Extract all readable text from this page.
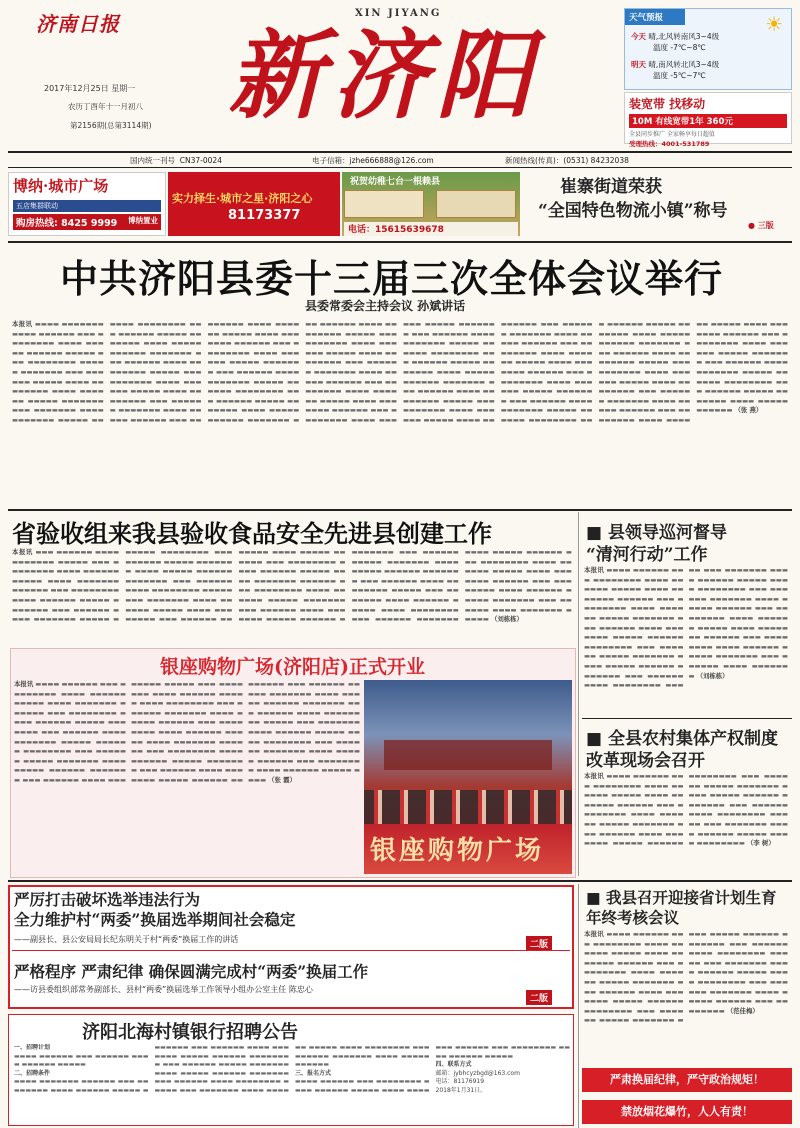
济南日报
2017年12月25日 星期一
农历丁酉年十一月初八
第2156期(总第3114期)
XIN JIYANG
新济阳
天气预报	☀
今天 晴,北风转南风3~4级
温度 -7℃~8℃
明天 晴,南风转北风3~4级
温度 -5℃~7℃
装宽带 找移动
10M 有线宽带1年 360元
全县同步推广 全家畅享每日超值
受理热线：4001-531789
国内统一刊号 CN37-0024	电子信箱：jzhe666888@126.com	新闻热线(传真)：(0531) 84232038
博纳·城市广场
五店集群联动
购房热线: 8425 9999 博纳置业
实力择生·城市之星·济阳之心
81173377
祝贺幼稚七台一根赖县
电话：15615639678
崔寨街道荣获
“全国特色物流小镇”称号
● 三版
中共济阳县委十三届三次全体会议举行
县委常委会主持会议 孙斌讲话
本报讯 ▬▬▬▬ ▬▬▬▬▬▬▬ ▬▬▬▬ ▬▬▬▬▬▬ ▬▬▬ ▬▬▬▬▬▬▬▬ ▬▬▬▬ ▬▬▬▬▬ ▬▬▬▬▬▬ ▬▬▬▬▬ ▬▬▬ ▬▬▬▬▬▬▬▬ ▬▬▬▬▬ ▬▬▬▬▬▬▬ ▬▬▬ ▬▬▬▬▬▬ ▬▬▬▬▬ ▬▬▬▬ ▬▬▬▬▬▬▬▬ ▬▬▬▬ ▬▬▬▬▬▬ ▬▬▬▬▬ ▬▬▬▬▬▬▬ ▬▬▬ ▬▬▬▬▬▬▬ ▬▬▬▬ ▬▬▬▬▬▬▬ ▬▬▬▬▬ ▬▬▬▬▬▬ ▬▬▬▬▬▬▬▬ ▬▬▬ ▬▬▬▬▬▬ ▬▬▬▬▬ ▬▬▬▬▬▬▬ ▬▬▬▬ ▬▬▬▬▬ ▬▬▬▬▬▬ ▬▬▬▬▬▬▬ ▬▬▬ ▬▬▬▬▬▬ ▬▬▬▬ ▬▬▬▬▬▬▬▬ ▬▬▬▬▬ ▬▬▬ ▬▬▬▬▬▬▬ ▬▬▬▬ ▬▬▬▬▬▬ ▬▬▬▬▬ ▬▬▬▬ ▬▬▬▬▬▬▬▬ ▬▬▬ ▬▬▬▬▬▬ ▬▬▬▬▬▬▬ ▬▬▬▬ ▬▬▬▬▬ ▬▬▬▬▬▬ ▬▬▬ ▬▬▬▬▬▬▬▬ ▬▬▬▬ ▬▬▬▬▬▬ ▬▬▬▬▬ ▬▬▬▬ ▬▬▬▬▬▬▬ ▬▬▬▬▬▬ ▬▬▬ ▬▬▬▬▬▬▬▬ ▬▬▬▬ ▬▬▬▬▬▬ ▬▬▬▬▬ ▬▬▬▬▬▬▬ ▬▬▬ ▬▬▬▬▬▬ ▬▬▬▬ ▬▬▬▬▬▬▬ ▬▬▬▬▬ ▬▬▬▬▬▬ ▬▬▬▬▬▬▬▬ ▬▬▬ ▬▬▬▬▬▬ ▬▬▬▬▬ ▬▬▬▬▬▬▬ ▬▬▬▬ ▬▬▬▬▬ ▬▬▬▬▬▬ ▬▬▬▬▬▬▬ ▬▬▬ ▬▬▬▬▬▬ ▬▬▬▬ ▬▬▬▬▬▬▬▬ ▬▬▬▬▬ ▬▬▬ ▬▬▬▬▬▬▬ ▬▬▬▬ ▬▬▬▬▬▬ ▬▬▬▬▬ ▬▬▬▬ ▬▬▬▬▬▬▬▬ ▬▬▬ ▬▬▬▬▬▬ ▬▬▬▬▬▬▬ ▬▬▬▬ ▬▬▬▬▬ ▬▬▬▬▬▬ ▬▬▬ ▬▬▬▬▬▬▬▬ ▬▬▬▬ ▬▬▬▬▬▬ ▬▬▬▬▬ ▬▬▬▬ ▬▬▬▬▬▬▬ ▬▬▬▬▬▬ ▬▬▬ ▬▬▬▬▬▬▬▬ ▬▬▬▬ ▬▬▬▬▬▬ ▬▬▬▬▬ ▬▬▬▬▬▬▬ ▬▬▬ ▬▬▬▬▬▬ ▬▬▬▬ ▬▬▬▬▬▬▬ ▬▬▬▬▬ ▬▬▬▬▬▬ ▬▬▬▬▬▬▬▬ ▬▬▬ ▬▬▬▬▬▬ ▬▬▬▬▬ ▬▬▬▬▬▬▬ ▬▬▬▬ ▬▬▬▬▬ ▬▬▬▬▬▬ ▬▬▬▬▬▬▬ ▬▬▬ ▬▬▬▬▬▬ ▬▬▬▬ ▬▬▬▬▬▬▬▬ ▬▬▬▬▬ ▬▬▬ ▬▬▬▬▬▬▬ ▬▬▬▬ ▬▬▬▬▬▬ ▬▬▬▬▬ ▬▬▬▬ ▬▬▬▬▬▬▬▬ ▬▬▬ ▬▬▬▬▬▬ ▬▬▬▬▬▬▬ ▬▬▬▬ ▬▬▬▬▬ ▬▬▬▬▬▬ ▬▬▬ ▬▬▬▬▬▬▬▬ ▬▬▬▬ ▬▬▬▬▬▬ ▬▬▬▬▬ ▬▬▬▬ ▬▬▬▬▬▬▬ ▬▬▬▬▬▬ ▬▬▬ ▬▬▬▬▬▬▬▬ ▬▬▬▬ ▬▬▬▬▬▬ ▬▬▬▬▬ ▬▬▬▬▬▬▬ ▬▬▬ ▬▬▬▬▬▬ ▬▬▬▬ ▬▬▬▬▬▬▬ ▬▬▬▬▬ ▬▬▬▬▬▬ ▬▬▬▬▬▬▬▬ ▬▬▬ ▬▬▬▬▬▬ ▬▬▬▬▬ ▬▬▬▬▬▬▬ ▬▬▬▬ ▬▬▬▬▬ ▬▬▬▬▬▬ ▬▬▬▬▬▬▬ ▬▬▬ ▬▬▬▬▬▬ ▬▬▬▬ ▬▬▬▬▬▬▬▬ ▬▬▬▬▬ ▬▬▬ ▬▬▬▬▬▬▬ ▬▬▬▬ ▬▬▬▬▬▬ ▬▬▬▬▬ ▬▬▬▬ ▬▬▬▬▬▬▬▬ ▬▬▬ ▬▬▬▬▬▬ ▬▬▬▬▬▬▬ ▬▬▬▬ ▬▬▬▬▬ ▬▬▬▬▬▬ ▬▬▬ ▬▬▬▬▬▬▬▬ ▬▬▬▬ ▬▬▬▬▬▬ ▬▬▬▬▬ ▬▬▬▬ ▬▬▬▬▬▬▬ ▬▬▬▬▬▬ ▬▬▬ ▬▬▬▬▬▬▬▬ ▬▬▬▬ ▬▬▬▬▬▬ ▬▬▬▬▬ ▬▬▬▬▬▬▬ ▬▬▬ ▬▬▬▬▬▬ ▬▬▬▬ ▬▬▬▬▬▬▬ ▬▬▬▬▬ ▬▬▬▬▬▬ ▬▬▬▬▬▬▬▬ ▬▬▬ ▬▬▬▬▬▬ ▬▬▬▬▬ ▬▬▬▬▬▬▬ ▬▬▬▬ ▬▬▬▬▬ ▬▬▬▬▬▬ （张 燕）
省验收组来我县验收食品安全先进县创建工作
本报讯 ▬▬▬ ▬▬▬▬▬▬ ▬▬▬▬ ▬▬▬▬▬▬▬ ▬▬▬▬▬ ▬▬▬ ▬▬▬▬▬▬▬▬ ▬▬▬▬ ▬▬▬▬▬▬ ▬▬▬▬▬ ▬▬▬▬ ▬▬▬▬▬▬▬ ▬▬▬▬▬▬ ▬▬▬ ▬▬▬▬▬▬▬▬ ▬▬▬▬ ▬▬▬▬▬▬ ▬▬▬▬▬ ▬▬▬▬▬▬▬ ▬▬▬ ▬▬▬▬▬▬ ▬▬▬▬ ▬▬▬▬▬▬▬ ▬▬▬▬▬ ▬▬▬▬▬▬ ▬▬▬▬▬▬▬▬ ▬▬▬ ▬▬▬▬▬▬ ▬▬▬▬▬ ▬▬▬▬▬▬▬ ▬▬▬▬ ▬▬▬▬▬ ▬▬▬▬▬▬ ▬▬▬▬▬▬▬ ▬▬▬ ▬▬▬▬▬▬ ▬▬▬▬ ▬▬▬▬▬▬▬▬ ▬▬▬▬▬ ▬▬▬ ▬▬▬▬▬▬▬ ▬▬▬▬ ▬▬▬▬▬▬ ▬▬▬▬▬ ▬▬▬▬ ▬▬▬▬▬▬▬▬ ▬▬▬ ▬▬▬▬▬▬ ▬▬▬▬▬▬▬ ▬▬▬▬ ▬▬▬▬▬ ▬▬▬▬▬▬ ▬▬▬ ▬▬▬▬▬▬▬▬ ▬▬▬▬ ▬▬▬▬▬▬ ▬▬▬▬▬ ▬▬▬▬ ▬▬▬▬▬▬▬ ▬▬▬▬▬▬ ▬▬▬ ▬▬▬▬▬▬▬▬ ▬▬▬▬ ▬▬▬▬▬▬ ▬▬▬▬▬ ▬▬▬▬▬▬▬ ▬▬▬ ▬▬▬▬▬▬ ▬▬▬▬ ▬▬▬▬▬▬▬ ▬▬▬▬▬ ▬▬▬▬▬▬ ▬▬▬▬▬▬▬▬ ▬▬▬ ▬▬▬▬▬▬ ▬▬▬▬▬ ▬▬▬▬▬▬▬ ▬▬▬▬ ▬▬▬▬▬ ▬▬▬▬▬▬ ▬▬▬▬▬▬▬ ▬▬▬ ▬▬▬▬▬▬ ▬▬▬▬ ▬▬▬▬▬▬▬▬ ▬▬▬▬▬ ▬▬▬ ▬▬▬▬▬▬▬ ▬▬▬▬ ▬▬▬▬▬▬ ▬▬▬▬▬ ▬▬▬▬ ▬▬▬▬▬▬▬▬ ▬▬▬ ▬▬▬▬▬▬ ▬▬▬▬▬▬▬ ▬▬▬▬ ▬▬▬▬▬ ▬▬▬▬▬▬ ▬▬▬ ▬▬▬▬▬▬▬▬ ▬▬▬▬ ▬▬▬▬▬▬ ▬▬▬▬▬ ▬▬▬▬ ▬▬▬▬▬▬▬ ▬▬▬▬▬▬ ▬▬▬ ▬▬▬▬▬▬▬▬ ▬▬▬▬ ▬▬▬▬▬▬ ▬▬▬▬▬ ▬▬▬▬▬▬▬ ▬▬▬ ▬▬▬▬▬▬ ▬▬▬▬ ▬▬▬▬▬▬▬ ▬▬▬▬▬ （刘栋栋）
■ 县领导巡河督导
“清河行动”工作
本报讯 ▬▬▬▬ ▬▬▬▬▬▬ ▬▬▬ ▬▬▬▬▬▬▬▬ ▬▬▬▬ ▬▬▬▬▬▬ ▬▬▬▬▬ ▬▬▬▬ ▬▬▬▬▬▬▬ ▬▬▬▬▬▬ ▬▬▬ ▬▬▬▬▬▬▬▬ ▬▬▬▬ ▬▬▬▬▬▬ ▬▬▬▬▬ ▬▬▬▬▬▬▬ ▬▬▬ ▬▬▬▬▬▬ ▬▬▬▬ ▬▬▬▬▬▬▬ ▬▬▬▬▬ ▬▬▬▬▬▬ ▬▬▬▬▬▬▬▬ ▬▬▬ ▬▬▬▬▬▬ ▬▬▬▬▬ ▬▬▬▬▬▬▬ ▬▬▬▬ ▬▬▬▬▬ ▬▬▬▬▬▬ ▬▬▬▬▬▬▬ ▬▬▬ ▬▬▬▬▬▬ ▬▬▬▬ ▬▬▬▬▬▬▬▬ ▬▬▬▬▬ ▬▬▬ ▬▬▬▬▬▬▬ ▬▬▬▬ ▬▬▬▬▬▬ ▬▬▬▬▬ ▬▬▬▬ ▬▬▬▬▬▬▬▬ ▬▬▬ ▬▬▬▬▬▬ ▬▬▬▬▬▬▬ ▬▬▬▬ ▬▬▬▬▬ ▬▬▬▬▬▬ ▬▬▬ ▬▬▬▬▬▬▬▬ ▬▬▬▬ ▬▬▬▬▬▬ ▬▬▬▬▬ ▬▬▬▬ ▬▬▬▬▬▬▬ ▬▬▬▬▬▬ ▬▬▬ ▬▬▬▬▬▬▬▬ ▬▬▬▬ ▬▬▬▬▬▬ ▬▬▬▬▬ ▬▬▬▬▬▬▬ ▬▬▬ ▬▬▬▬▬▬ ▬▬▬▬ ▬▬▬▬▬▬▬ （刘栋栋）
■ 全县农村集体产权制度
改革现场会召开
本报讯 ▬▬▬▬ ▬▬▬▬▬▬ ▬▬▬ ▬▬▬▬▬▬▬▬ ▬▬▬▬ ▬▬▬▬▬▬ ▬▬▬▬▬ ▬▬▬▬ ▬▬▬▬▬▬▬ ▬▬▬▬▬▬ ▬▬▬ ▬▬▬▬▬▬▬▬ ▬▬▬▬ ▬▬▬▬▬▬ ▬▬▬▬▬ ▬▬▬▬▬▬▬ ▬▬▬ ▬▬▬▬▬▬ ▬▬▬▬ ▬▬▬▬▬▬▬ ▬▬▬▬▬ ▬▬▬▬▬▬ ▬▬▬▬▬▬▬▬ ▬▬▬ ▬▬▬▬▬▬ ▬▬▬▬▬ ▬▬▬▬▬▬▬ ▬▬▬▬ ▬▬▬▬▬ ▬▬▬▬▬▬ ▬▬▬▬▬▬▬ ▬▬▬ ▬▬▬▬▬▬ ▬▬▬▬ ▬▬▬▬▬▬▬▬ ▬▬▬▬▬ ▬▬▬ ▬▬▬▬▬▬▬ ▬▬▬▬ ▬▬▬▬▬▬ ▬▬▬▬▬ ▬▬▬▬ ▬▬▬▬▬▬▬▬ （李 树）
银座购物广场(济阳店)正式开业
本报讯 ▬▬▬▬ ▬▬▬▬▬▬ ▬▬▬ ▬▬▬▬▬▬▬▬ ▬▬▬▬ ▬▬▬▬▬▬ ▬▬▬▬▬ ▬▬▬▬ ▬▬▬▬▬▬▬ ▬▬▬▬▬▬ ▬▬▬ ▬▬▬▬▬▬▬▬ ▬▬▬▬ ▬▬▬▬▬▬ ▬▬▬▬▬ ▬▬▬▬▬▬▬ ▬▬▬ ▬▬▬▬▬▬ ▬▬▬▬ ▬▬▬▬▬▬▬ ▬▬▬▬▬ ▬▬▬▬▬▬ ▬▬▬▬▬▬▬▬ ▬▬▬ ▬▬▬▬▬▬ ▬▬▬▬▬ ▬▬▬▬▬▬▬ ▬▬▬▬ ▬▬▬▬▬ ▬▬▬▬▬▬ ▬▬▬▬▬▬▬ ▬▬▬ ▬▬▬▬▬▬ ▬▬▬▬ ▬▬▬▬▬▬▬▬ ▬▬▬▬▬ ▬▬▬ ▬▬▬▬▬▬▬ ▬▬▬▬ ▬▬▬▬▬▬ ▬▬▬▬▬ ▬▬▬▬ ▬▬▬▬▬▬▬▬ ▬▬▬ ▬▬▬▬▬▬ ▬▬▬▬▬▬▬ ▬▬▬▬ ▬▬▬▬▬ ▬▬▬▬▬▬ ▬▬▬ ▬▬▬▬▬▬▬▬ ▬▬▬▬ ▬▬▬▬▬▬ ▬▬▬▬▬ ▬▬▬▬ ▬▬▬▬▬▬▬ ▬▬▬▬▬▬ ▬▬▬ ▬▬▬▬▬▬▬▬ ▬▬▬▬ ▬▬▬▬▬▬ ▬▬▬▬▬ ▬▬▬▬▬▬▬ ▬▬▬ ▬▬▬▬▬▬ ▬▬▬▬ ▬▬▬▬▬▬▬ ▬▬▬▬▬ ▬▬▬▬▬▬ ▬▬▬▬▬▬▬▬ ▬▬▬ ▬▬▬▬▬▬ ▬▬▬▬▬ ▬▬▬▬▬▬▬ ▬▬▬▬ ▬▬▬▬▬ ▬▬▬▬▬▬ ▬▬▬▬▬▬▬ ▬▬▬ ▬▬▬▬▬▬ ▬▬▬▬ ▬▬▬▬▬▬▬▬ ▬▬▬▬▬ ▬▬▬ ▬▬▬▬▬▬▬ ▬▬▬▬ ▬▬▬▬▬▬ ▬▬▬▬▬ ▬▬▬▬ ▬▬▬▬▬▬▬▬ ▬▬▬ ▬▬▬▬▬▬ ▬▬▬▬▬▬▬ ▬▬▬▬ ▬▬▬▬▬ ▬▬▬▬▬▬ ▬▬▬ ▬▬▬▬▬▬▬▬ ▬▬▬▬ ▬▬▬▬▬▬ ▬▬▬▬▬ ▬▬▬▬ （张 霞）
银座购物广场
严厉打击破坏选举违法行为
全力维护村“两委”换届选举期间社会稳定
——副县长、县公安局局长纪东明关于村“两委”换届工作的讲话
二版
严格程序 严肃纪律 确保圆满完成村“两委”换届工作
——访县委组织部常务副部长、县村“两委”换届选举工作领导小组办公室主任 陈忠心
二版
■ 我县召开迎接省计划生育
年终考核会议
本报讯 ▬▬▬▬ ▬▬▬▬▬▬ ▬▬▬ ▬▬▬▬▬▬▬▬ ▬▬▬▬ ▬▬▬▬▬▬ ▬▬▬▬▬ ▬▬▬▬ ▬▬▬▬▬▬▬ ▬▬▬▬▬▬ ▬▬▬ ▬▬▬▬▬▬▬▬ ▬▬▬▬ ▬▬▬▬▬▬ ▬▬▬▬▬ ▬▬▬▬▬▬▬ ▬▬▬ ▬▬▬▬▬▬ ▬▬▬▬ ▬▬▬▬▬▬▬ ▬▬▬▬▬ ▬▬▬▬▬▬ ▬▬▬▬▬▬▬▬ ▬▬▬ ▬▬▬▬▬▬ ▬▬▬▬▬ ▬▬▬▬▬▬▬ ▬▬▬▬ ▬▬▬▬▬ ▬▬▬▬▬▬ ▬▬▬▬▬▬▬ ▬▬▬ ▬▬▬▬▬▬ ▬▬▬▬ ▬▬▬▬▬▬▬▬ ▬▬▬▬▬ ▬▬▬ ▬▬▬▬▬▬▬ ▬▬▬▬ ▬▬▬▬▬▬ ▬▬▬▬▬ ▬▬▬▬ ▬▬▬▬▬▬▬▬ ▬▬▬ ▬▬▬▬▬▬ ▬▬▬▬▬▬▬ ▬▬▬▬ ▬▬▬▬▬ ▬▬▬▬▬▬ ▬▬▬ ▬▬▬▬▬▬▬▬ （范佳梅）
严肃换届纪律，严守政治规矩！
禁放烟花爆竹，人人有责！
济阳北海村镇银行招聘公告
一、招聘计划
▬▬▬▬ ▬▬▬▬▬▬ ▬▬▬ ▬▬▬▬▬▬ ▬▬▬▬ ▬▬▬▬▬▬ ▬▬▬▬▬
二、招聘条件
▬▬▬▬ ▬▬▬▬▬▬▬ ▬▬▬▬▬▬ ▬▬▬ ▬▬▬▬▬▬▬▬ ▬▬▬▬ ▬▬▬▬▬▬ ▬▬▬▬▬ ▬▬▬▬▬▬▬ ▬▬▬ ▬▬▬▬▬▬ ▬▬▬▬ ▬▬▬▬▬▬▬ ▬▬▬▬▬ ▬▬▬▬▬▬ ▬▬▬▬▬▬▬▬ ▬▬▬ ▬▬▬▬▬▬ ▬▬▬▬▬ ▬▬▬▬▬▬▬ ▬▬▬▬ ▬▬▬▬▬ ▬▬▬▬▬▬ ▬▬▬▬▬▬▬ ▬▬▬ ▬▬▬▬▬▬ ▬▬▬▬ ▬▬▬▬▬▬▬▬ ▬▬▬▬▬ ▬▬▬ ▬▬▬▬▬▬▬ ▬▬▬▬ ▬▬▬▬▬▬ ▬▬▬▬▬ ▬▬▬▬ ▬▬▬▬▬▬▬▬ ▬▬▬ ▬▬▬▬▬▬ ▬▬▬▬▬▬▬ ▬▬▬▬ ▬▬▬▬▬ ▬▬▬▬▬▬
三、报名方式
▬▬▬▬ ▬▬▬▬▬▬ ▬▬▬ ▬▬▬▬▬▬▬▬ ▬▬▬▬ ▬▬▬▬▬▬ ▬▬▬▬▬ ▬▬▬▬ ▬▬▬▬▬▬▬ ▬▬▬▬▬▬ ▬▬▬ ▬▬▬▬▬▬▬▬ ▬▬▬▬ ▬▬▬▬▬▬ ▬▬▬▬▬
四、联系方式
邮箱：jybhcyzbgd@163.com
电话：81176919
2018年1月31日。
